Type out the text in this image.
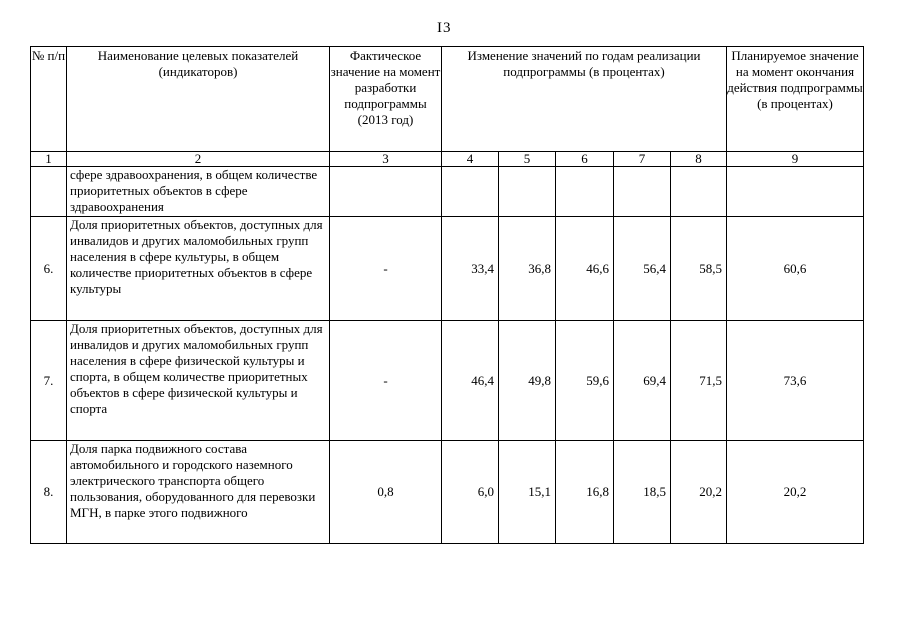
I3
№ п/п	Наименование целевых показателей (индикаторов)	Фактическое значение на момент разработки подпрограммы (2013 год)	Изменение значений по годам реализации подпрограммы (в процентах)					Планируемое значение на момент окончания действия подпрограммы (в процентах)
1	2	3	4	5	6	7	8	9
	сфере здравоохранения, в общем количестве приоритетных объектов в сфере здравоохранения							
6.	Доля приоритетных объектов, доступных для инвалидов и других маломобильных групп населения в сфере культуры, в общем количестве приоритетных объектов в сфере культуры	-	33,4	36,8	46,6	56,4	58,5	60,6
7.	Доля приоритетных объектов, доступных для инвалидов и других маломобильных групп населения в сфере физической культуры и спорта, в общем количестве приоритетных объектов в сфере физической культуры и спорта	-	46,4	49,8	59,6	69,4	71,5	73,6
8.	Доля парка подвижного состава автомобильного и городского наземного электрического транспорта общего пользования, оборудованного для перевозки МГН, в парке этого подвижного	0,8	6,0	15,1	16,8	18,5	20,2	20,2
